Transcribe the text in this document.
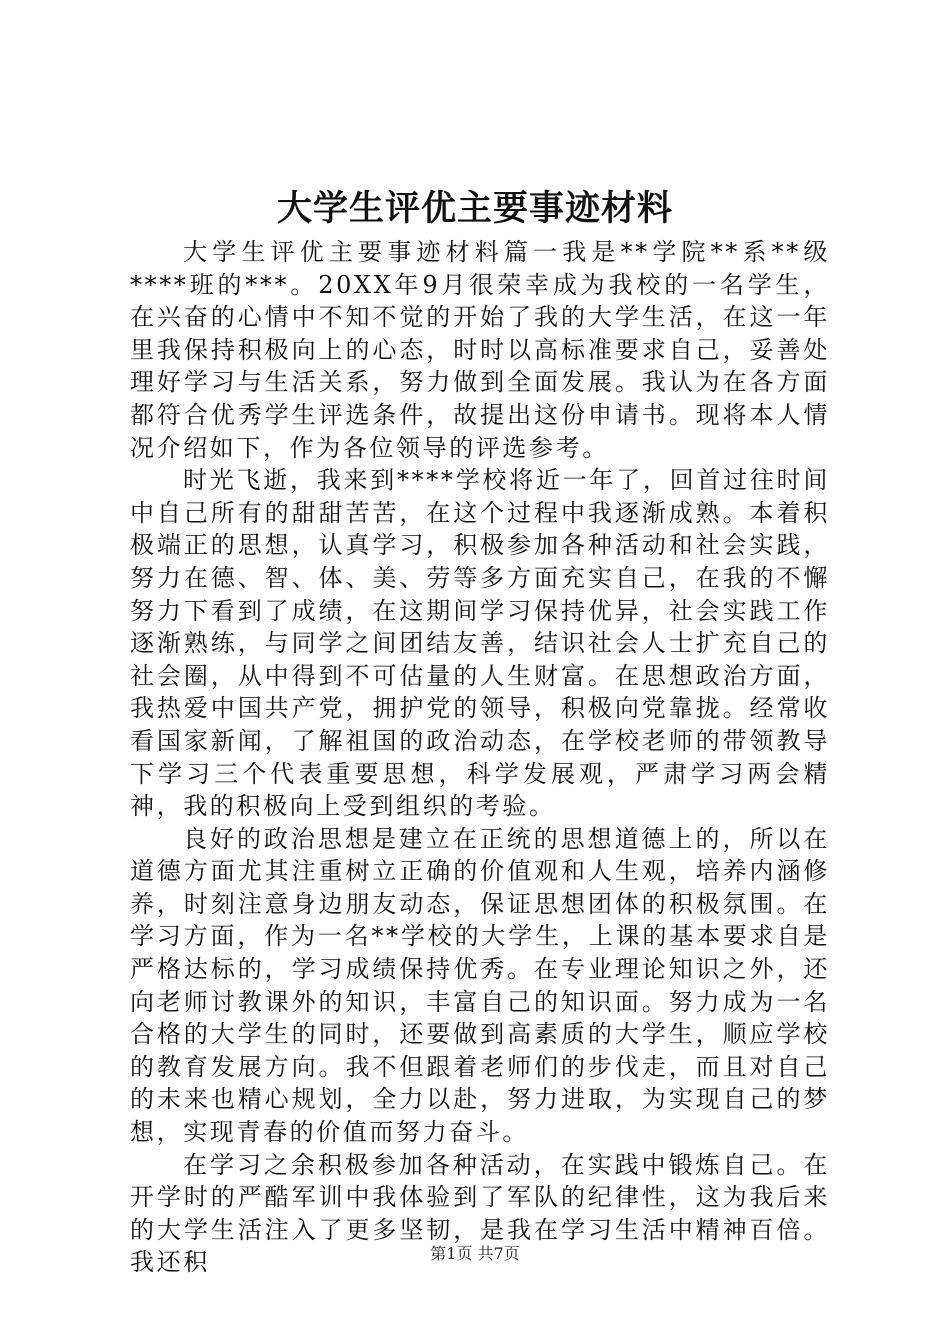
大学生评优主要事迹材料

大学生评优主要事迹材料篇一我是**学院**系**级****班的***。20XX年9月很荣幸成为我校的一名学生，在兴奋的心情中不知不觉的开始了我的大学生活，在这一年里我保持积极向上的心态，时时以高标准要求自己，妥善处理好学习与生活关系，努力做到全面发展。我认为在各方面都符合优秀学生评选条件，故提出这份申请书。现将本人情况介绍如下，作为各位领导的评选参考。

时光飞逝，我来到****学校将近一年了，回首过往时间中自己所有的甜甜苦苦，在这个过程中我逐渐成熟。本着积极端正的思想，认真学习，积极参加各种活动和社会实践，努力在德、智、体、美、劳等多方面充实自己，在我的不懈努力下看到了成绩，在这期间学习保持优异，社会实践工作逐渐熟练，与同学之间团结友善，结识社会人士扩充自己的社会圈，从中得到不可估量的人生财富。在思想政治方面，我热爱中国共产党，拥护党的领导，积极向党靠拢。经常收看国家新闻，了解祖国的政治动态，在学校老师的带领教导下学习三个代表重要思想，科学发展观，严肃学习两会精神，我的积极向上受到组织的考验。

良好的政治思想是建立在正统的思想道德上的，所以在道德方面尤其注重树立正确的价值观和人生观，培养内涵修养，时刻注意身边朋友动态，保证思想团体的积极氛围。在学习方面，作为一名**学校的大学生，上课的基本要求自是严格达标的，学习成绩保持优秀。在专业理论知识之外，还向老师讨教课外的知识，丰富自己的知识面。努力成为一名合格的大学生的同时，还要做到高素质的大学生，顺应学校的教育发展方向。我不但跟着老师们的步伐走，而且对自己的未来也精心规划，全力以赴，努力进取，为实现自己的梦想，实现青春的价值而努力奋斗。

在学习之余积极参加各种活动，在实践中锻炼自己。在开学时的严酷军训中我体验到了军队的纪律性，这为我后来的大学生活注入了更多坚韧，是我在学习生活中精神百倍。我还积	第1页 共7页
